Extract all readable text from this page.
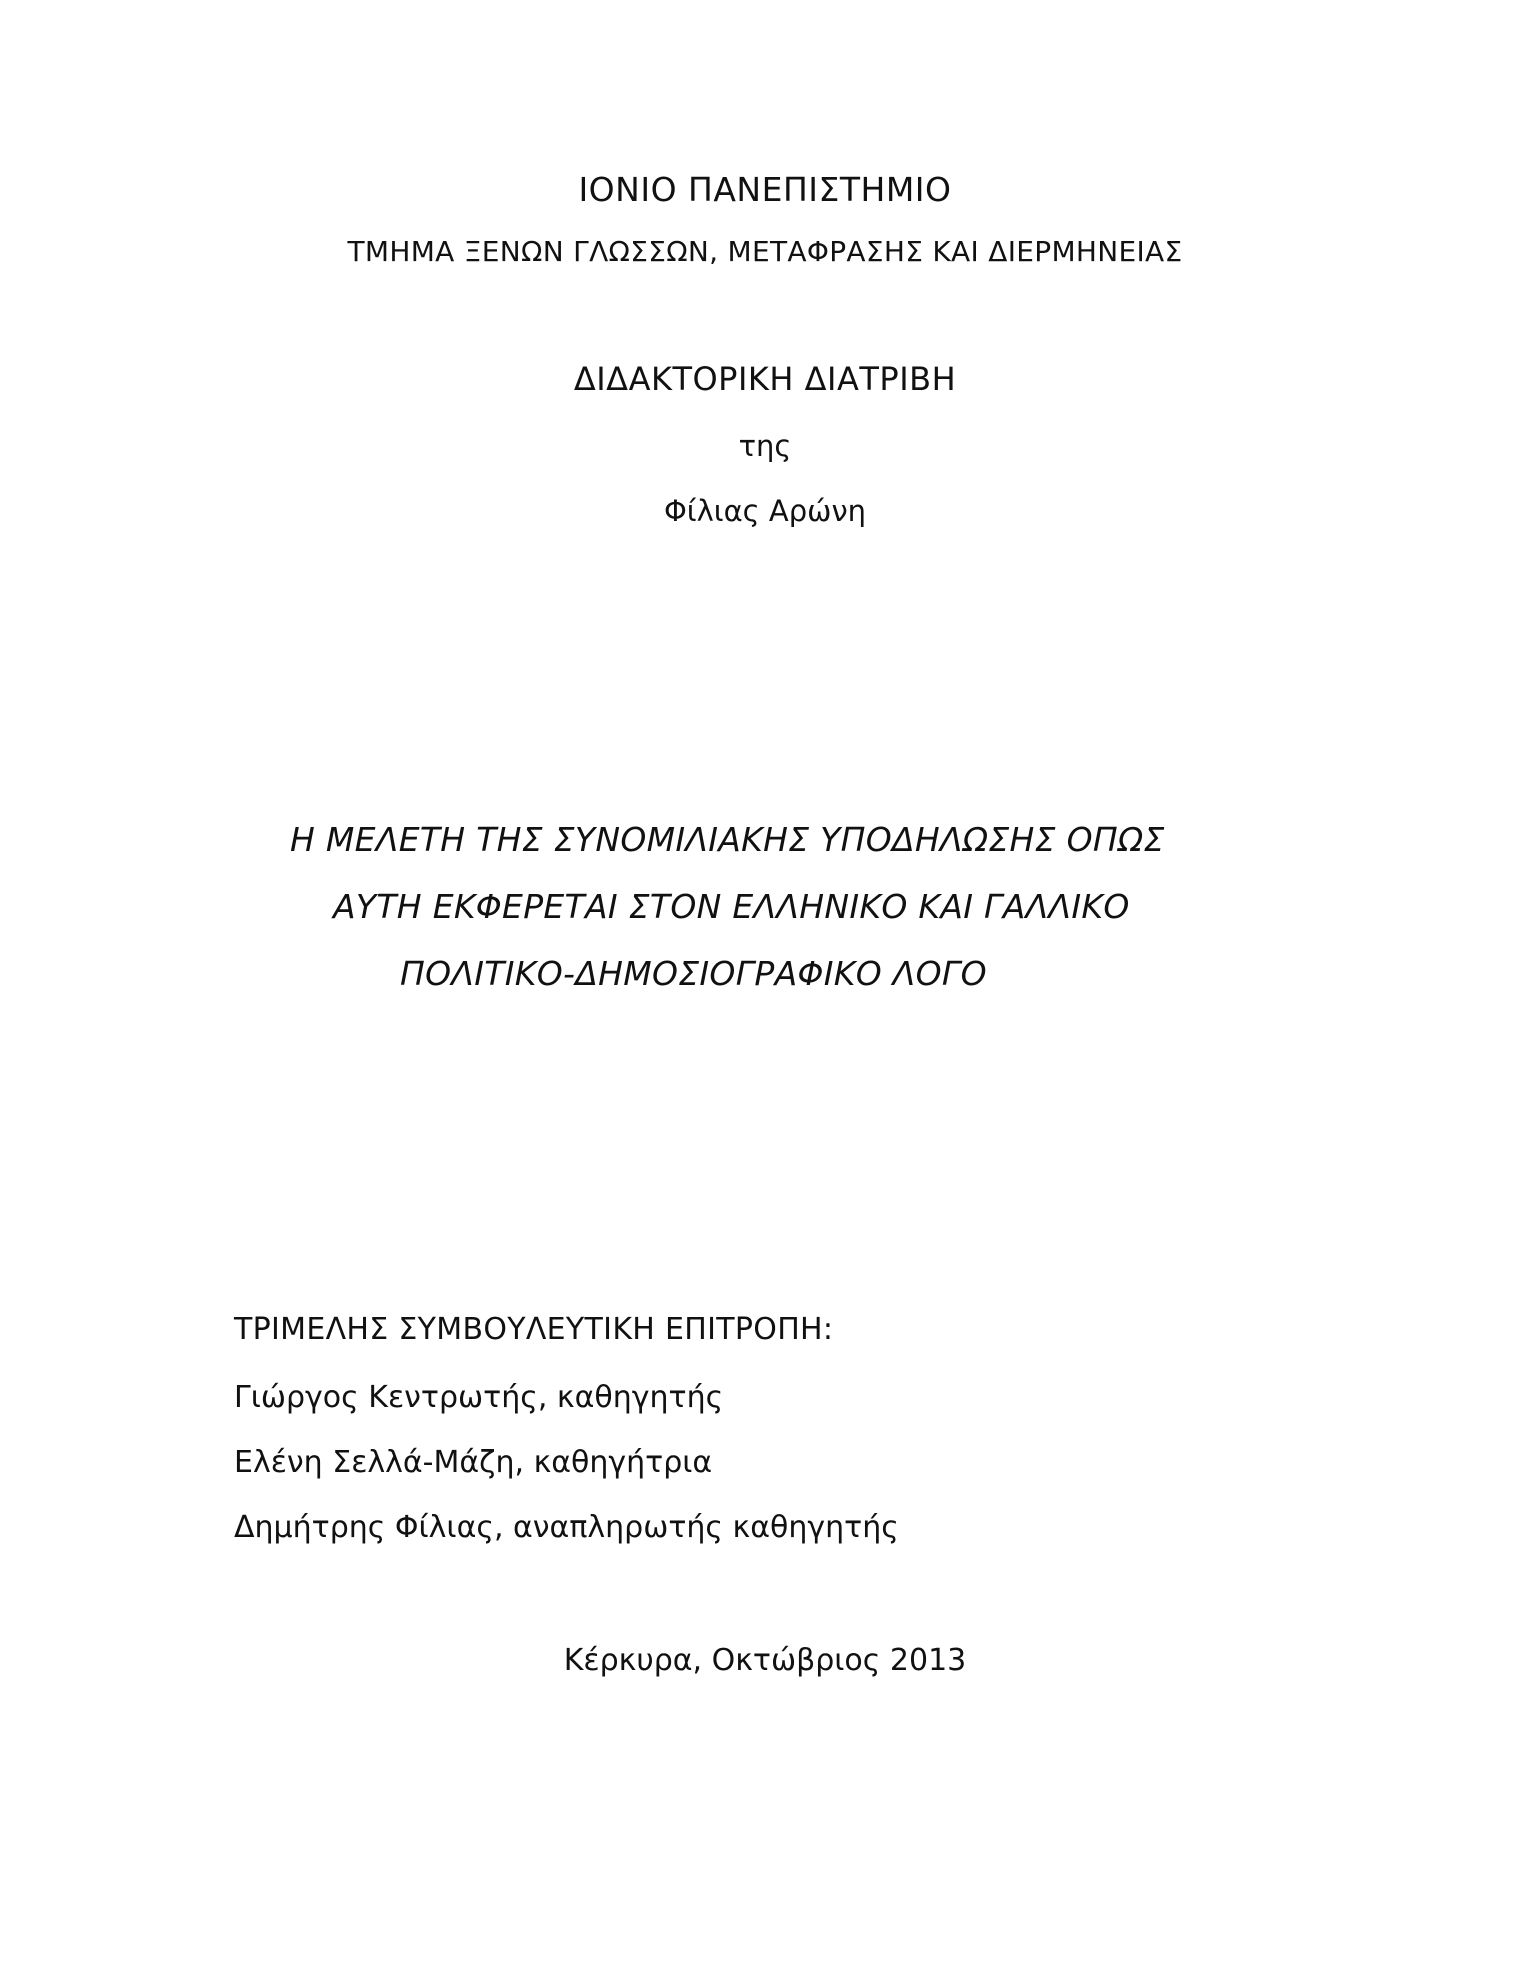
ΙΟΝΙΟ ΠΑΝΕΠΙΣΤΗΜΙΟ
ΤΜΗΜΑ ΞΕΝΩΝ ΓΛΩΣΣΩΝ, ΜΕΤΑΦΡΑΣΗΣ ΚΑΙ ΔΙΕΡΜΗΝΕΙΑΣ
ΔΙΔΑΚΤΟΡΙΚΗ ΔΙΑΤΡΙΒΗ
της
Φίλιας Αρώνη
Η ΜΕΛΕΤΗ ΤΗΣ ΣΥΝΟΜΙΛΙΑΚΗΣ ΥΠΟΔΗΛΩΣΗΣ ΟΠΩΣ
ΑΥΤΗ ΕΚΦΕΡΕΤΑΙ ΣΤΟΝ ΕΛΛΗΝΙΚΟ ΚΑΙ ΓΑΛΛΙΚΟ
ΠΟΛΙΤΙΚΟ-ΔΗΜΟΣΙΟΓΡΑΦΙΚΟ ΛΟΓΟ
ΤΡΙΜΕΛΗΣ ΣΥΜΒΟΥΛΕΥΤΙΚΗ ΕΠΙΤΡΟΠΗ:
Γιώργος Κεντρωτής, καθηγητής
Ελένη Σελλά-Μάζη, καθηγήτρια
Δημήτρης Φίλιας, αναπληρωτής καθηγητής
Κέρκυρα, Οκτώβριος 2013
